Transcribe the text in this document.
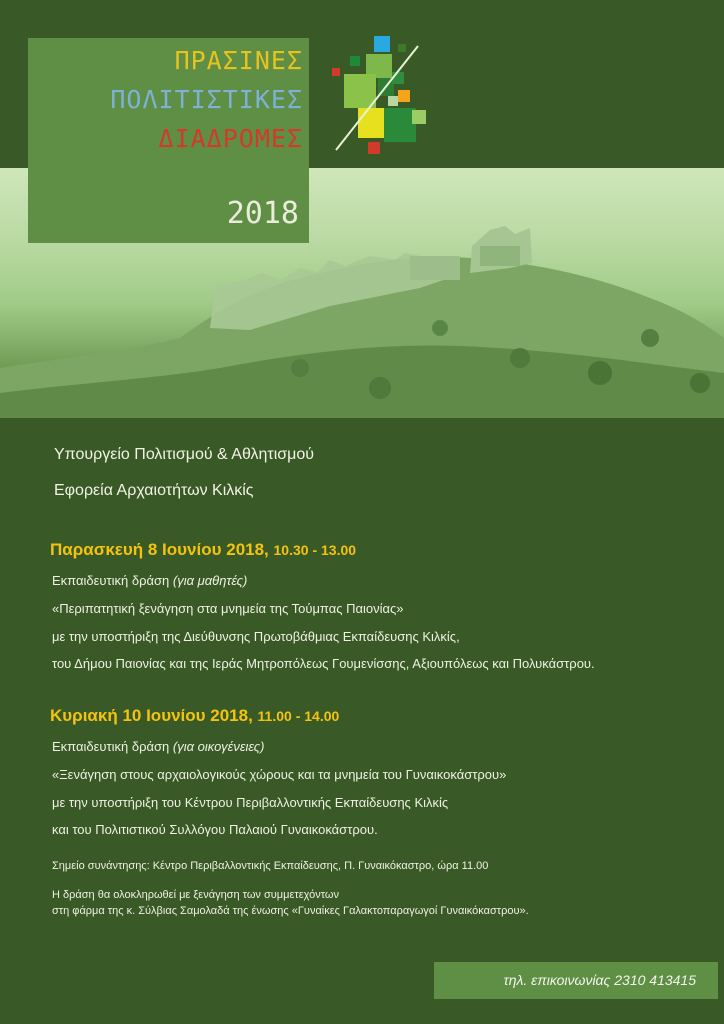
ΠΡΑΣΙΝΕΣ
ΠΟΛΙΤΙΣΤΙΚΕΣ
ΔΙΑΔΡΟΜΕΣ
2018
Υπουργείο Πολιτισμού & Αθλητισμού
Εφορεία Αρχαιοτήτων Κιλκίς
Παρασκευή 8 Ιουνίου 2018, 10.30 - 13.00
Εκπαιδευτική δράση (για μαθητές)
«Περιπατητική ξενάγηση στα μνημεία της Τούμπας Παιονίας»
με την υποστήριξη της Διεύθυνσης Πρωτοβάθμιας Εκπαίδευσης Κιλκίς,
του Δήμου Παιονίας και της Ιεράς Μητροπόλεως Γουμενίσσης, Αξιουπόλεως και Πολυκάστρου.
Κυριακή 10 Ιουνίου 2018, 11.00 - 14.00
Εκπαιδευτική δράση (για οικογένειες)
«Ξενάγηση στους αρχαιολογικούς χώρους και τα μνημεία του Γυναικοκάστρου»
με την υποστήριξη του Κέντρου Περιβαλλοντικής Εκπαίδευσης Κιλκίς
και του Πολιτιστικού Συλλόγου Παλαιού Γυναικοκάστρου.
Σημείο συνάντησης: Κέντρο Περιβαλλοντικής Εκπαίδευσης, Π. Γυναικόκαστρο, ώρα 11.00
Η δράση θα ολοκληρωθεί με ξενάγηση των συμμετεχόντων
στη φάρμα της κ. Σύλβιας Σαμολαδά της ένωσης «Γυναίκες Γαλακτοπαραγωγοί Γυναικόκαστρου».
τηλ. επικοινωνίας 2310 413415
